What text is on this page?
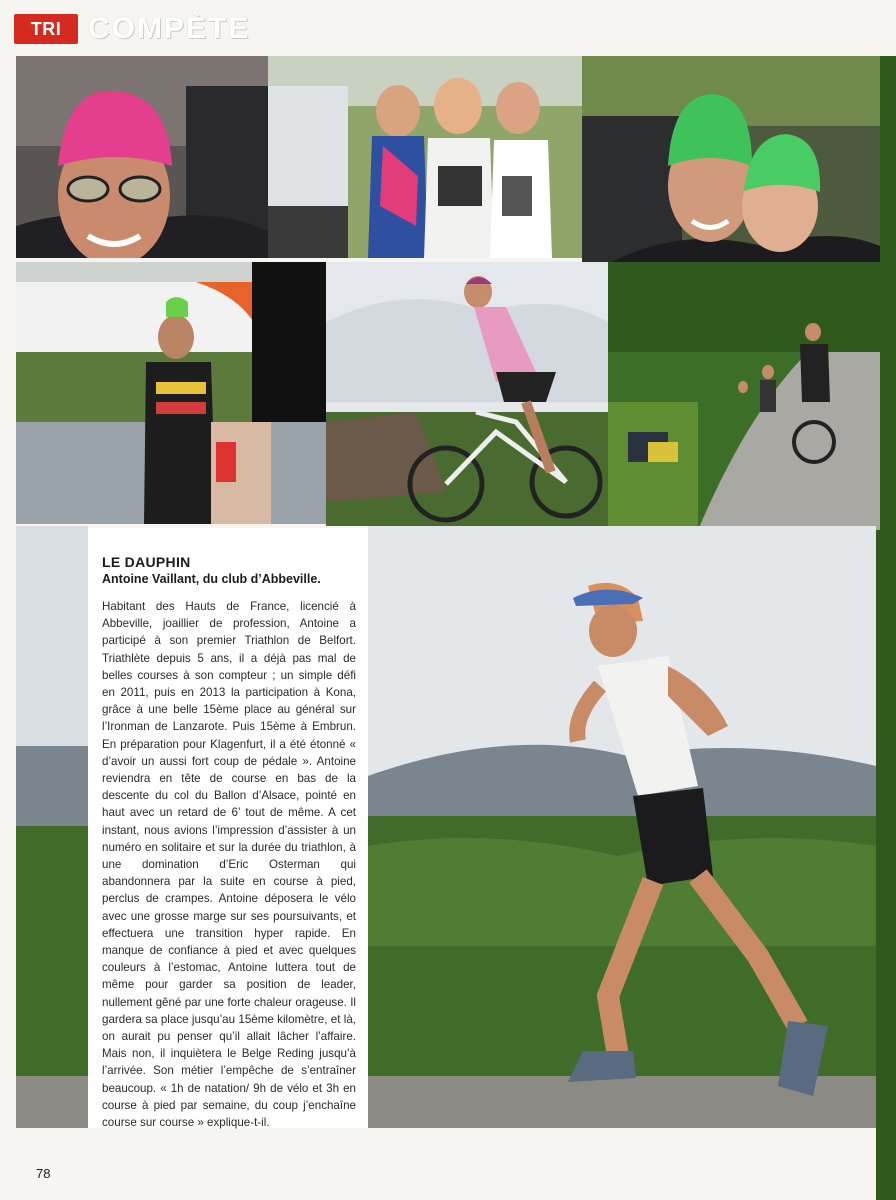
TRI COMPÈTE
LE DAUPHIN

Antoine Vaillant, du club d’Abbeville.

Habitant des Hauts de France, licencié à Abbeville, joaillier de profession, Antoine a participé à son premier Triathlon de Belfort. Triathlète depuis 5 ans, il a déjà pas mal de belles courses à son compteur ; un simple défi en 2011, puis en 2013 la participation à Kona, grâce à une belle 15ème place au général sur l’Ironman de Lanzarote. Puis 15ème à Embrun. En préparation pour Klagenfurt, il a été étonné « d’avoir un aussi fort coup de pédale ». Antoine reviendra en tête de course en bas de la descente du col du Ballon d’Alsace, pointé en haut avec un retard de 6’ tout de même. A cet instant, nous avions l’impression d’assister à un numéro en solitaire et sur la durée du triathlon, à une domination d’Eric Osterman qui abandonnera par la suite en course à pied, perclus de crampes. Antoine déposera le vélo avec une grosse marge sur ses poursuivants, et effectuera une transition hyper rapide. En manque de confiance à pied et avec quelques couleurs à l’estomac, Antoine luttera tout de même pour garder sa position de leader, nullement gêné par une forte chaleur orageuse. Il gardera sa place jusqu’au 15ème kilomètre, et là, on aurait pu penser qu’il allait lâcher l’affaire. Mais non, il inquiètera le Belge Reding jusqu’à l’arrivée. Son métier l’empêche de s’entraîner beaucoup. « 1h de natation/ 9h de vélo et 3h en course à pied par semaine, du coup j’enchaîne course sur course » explique-t-il.

78
